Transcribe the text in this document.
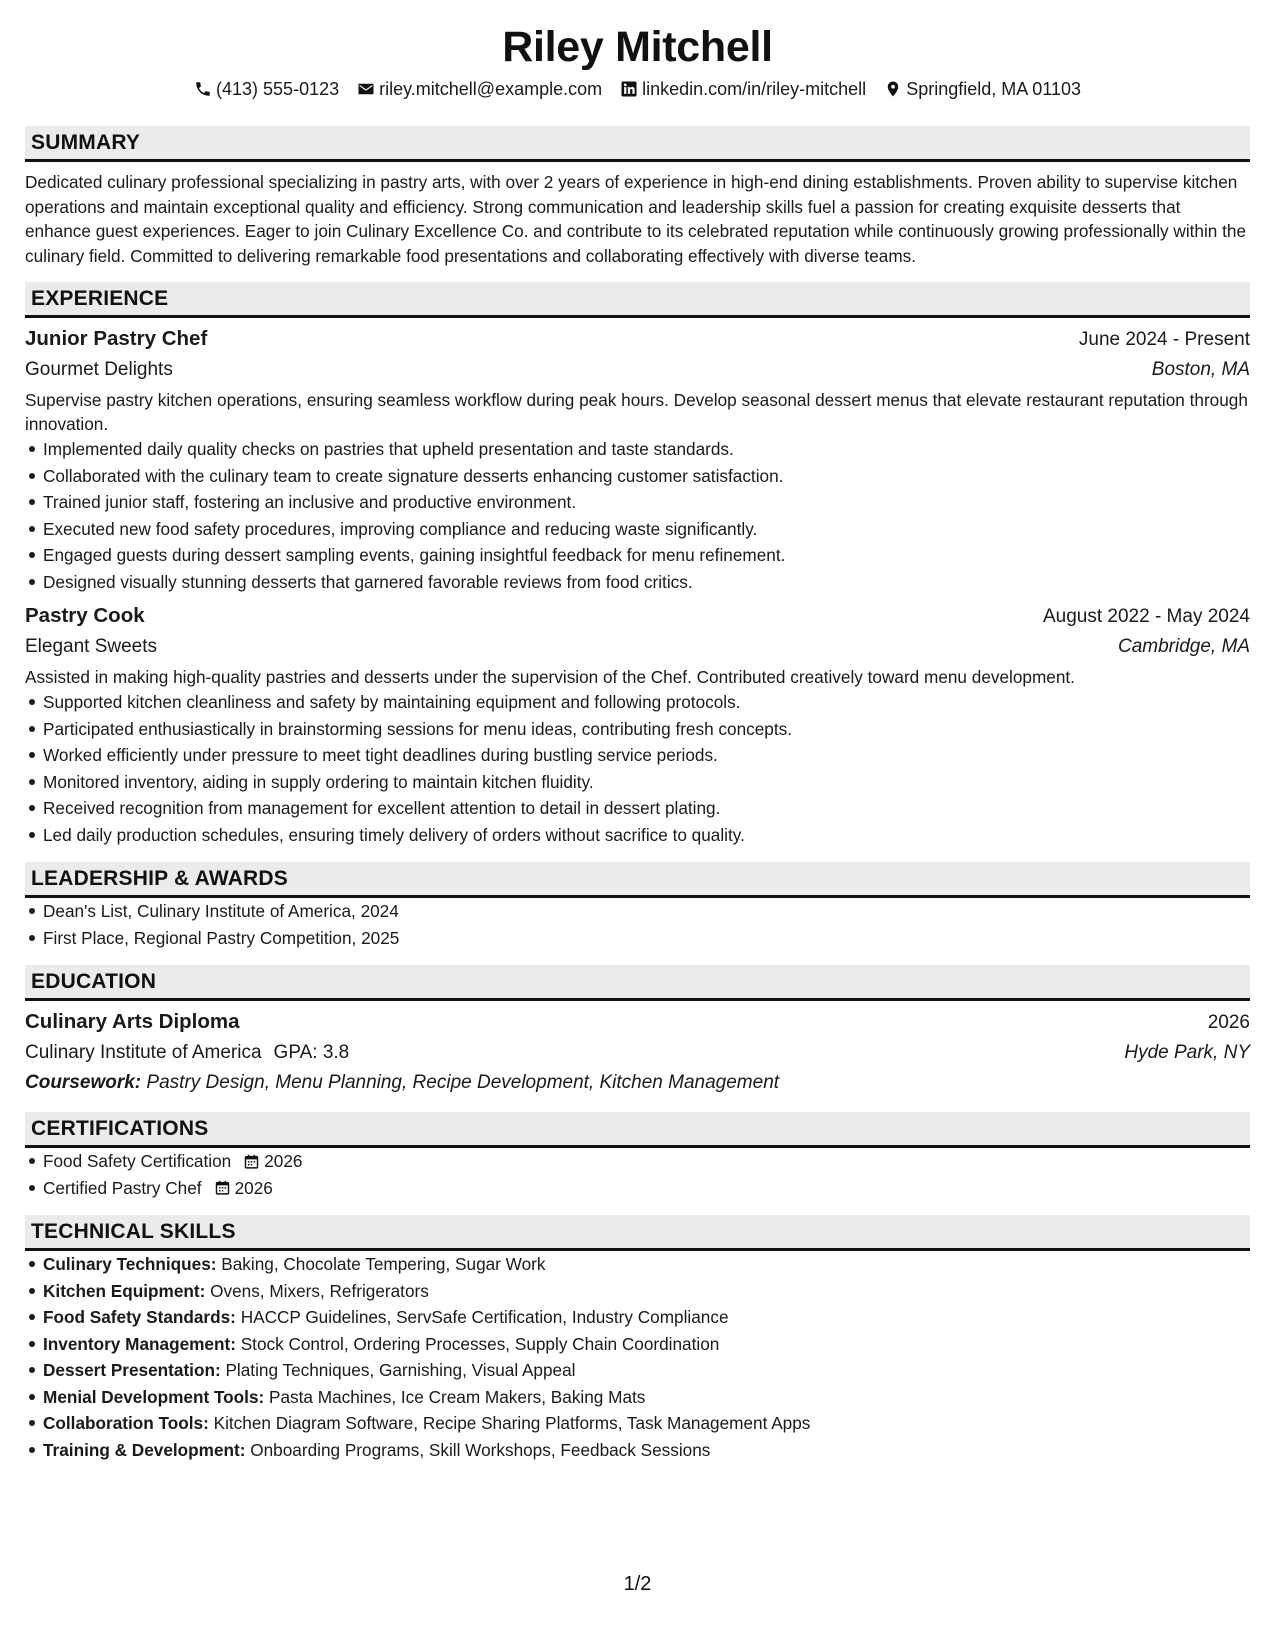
Riley Mitchell
(413) 555-0123 riley.mitchell@example.com linkedin.com/in/riley-mitchell Springfield, MA 01103
SUMMARY
Dedicated culinary professional specializing in pastry arts, with over 2 years of experience in high-end dining establishments. Proven ability to supervise kitchen operations and maintain exceptional quality and efficiency. Strong communication and leadership skills fuel a passion for creating exquisite desserts that enhance guest experiences. Eager to join Culinary Excellence Co. and contribute to its celebrated reputation while continuously growing professionally within the culinary field. Committed to delivering remarkable food presentations and collaborating effectively with diverse teams.
EXPERIENCE
Junior Pastry Chef	June 2024 - Present
Gourmet Delights	Boston, MA
Supervise pastry kitchen operations, ensuring seamless workflow during peak hours. Develop seasonal dessert menus that elevate restaurant reputation through innovation.
Implemented daily quality checks on pastries that upheld presentation and taste standards.
Collaborated with the culinary team to create signature desserts enhancing customer satisfaction.
Trained junior staff, fostering an inclusive and productive environment.
Executed new food safety procedures, improving compliance and reducing waste significantly.
Engaged guests during dessert sampling events, gaining insightful feedback for menu refinement.
Designed visually stunning desserts that garnered favorable reviews from food critics.
Pastry Cook	August 2022 - May 2024
Elegant Sweets	Cambridge, MA
Assisted in making high-quality pastries and desserts under the supervision of the Chef. Contributed creatively toward menu development.
Supported kitchen cleanliness and safety by maintaining equipment and following protocols.
Participated enthusiastically in brainstorming sessions for menu ideas, contributing fresh concepts.
Worked efficiently under pressure to meet tight deadlines during bustling service periods.
Monitored inventory, aiding in supply ordering to maintain kitchen fluidity.
Received recognition from management for excellent attention to detail in dessert plating.
Led daily production schedules, ensuring timely delivery of orders without sacrifice to quality.
LEADERSHIP & AWARDS
Dean's List, Culinary Institute of America, 2024
First Place, Regional Pastry Competition, 2025
EDUCATION
Culinary Arts Diploma	2026
Culinary Institute of America GPA: 3.8	Hyde Park, NY
Coursework: Pastry Design, Menu Planning, Recipe Development, Kitchen Management
CERTIFICATIONS
Food Safety Certification 2026
Certified Pastry Chef 2026
TECHNICAL SKILLS
Culinary Techniques: Baking, Chocolate Tempering, Sugar Work
Kitchen Equipment: Ovens, Mixers, Refrigerators
Food Safety Standards: HACCP Guidelines, ServSafe Certification, Industry Compliance
Inventory Management: Stock Control, Ordering Processes, Supply Chain Coordination
Dessert Presentation: Plating Techniques, Garnishing, Visual Appeal
Menial Development Tools: Pasta Machines, Ice Cream Makers, Baking Mats
Collaboration Tools: Kitchen Diagram Software, Recipe Sharing Platforms, Task Management Apps
Training & Development: Onboarding Programs, Skill Workshops, Feedback Sessions
1/2
